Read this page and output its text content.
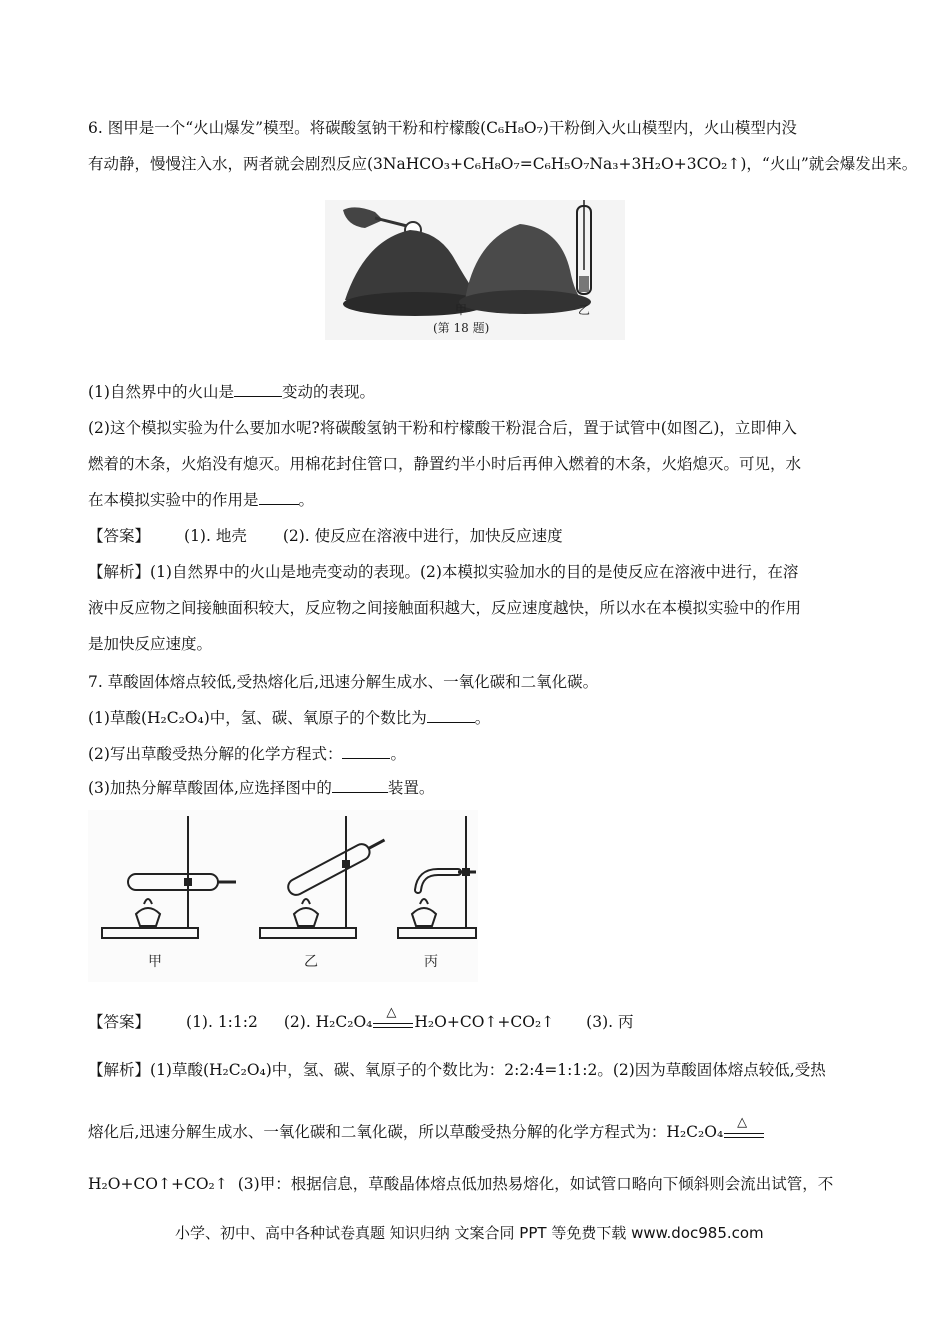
6. 图甲是一个“火山爆发”模型。将碳酸氢钠干粉和柠檬酸(C₆H₈O₇)干粉倒入火山模型内，火山模型内没
有动静，慢慢注入水，两者就会剧烈反应(3NaHCO₃+C₆H₈O₇=C₆H₅O₇Na₃+3H₂O+3CO₂↑)，“火山”就会爆发出来。
甲	乙
(第 18 题)
(1)自然界中的火山是	变动的表现。
(2)这个模拟实验为什么要加水呢?将碳酸氢钠干粉和柠檬酸干粉混合后，置于试管中(如图乙)，立即伸入
燃着的木条，火焰没有熄灭。用棉花封住管口，静置约半小时后再伸入燃着的木条，火焰熄灭。可见，水
在本模拟实验中的作用是	。
【答案】 (1). 地壳 (2). 使反应在溶液中进行，加快反应速度
【解析】(1)自然界中的火山是地壳变动的表现。(2)本模拟实验加水的目的是使反应在溶液中进行，在溶
液中反应物之间接触面积较大，反应物之间接触面积越大，反应速度越快，所以水在本模拟实验中的作用
是加快反应速度。
7. 草酸固体熔点较低,受热熔化后,迅速分解生成水、一氧化碳和二氧化碳。
(1)草酸(H₂C₂O₄)中，氢、碳、氧原子的个数比为	。
(2)写出草酸受热分解的化学方程式：	。
(3)加热分解草酸固体,应选择图中的	装置。
甲	乙	丙
【答案】 (1). 1:1:2 (2). H₂C₂O₄
△
H₂O+CO↑+CO₂↑ (3). 丙
【解析】(1)草酸(H₂C₂O₄)中，氢、碳、氧原子的个数比为：2:2:4=1:1:2。(2)因为草酸固体熔点较低,受热
熔化后,迅速分解生成水、一氧化碳和二氧化碳，所以草酸受热分解的化学方程式为：H₂C₂O₄
△
H₂O+CO↑+CO₂↑ (3)甲：根据信息，草酸晶体熔点低加热易熔化，如试管口略向下倾斜则会流出试管，不
小学、初中、高中各种试卷真题 知识归纳 文案合同 PPT 等免费下载 www.doc985.com
